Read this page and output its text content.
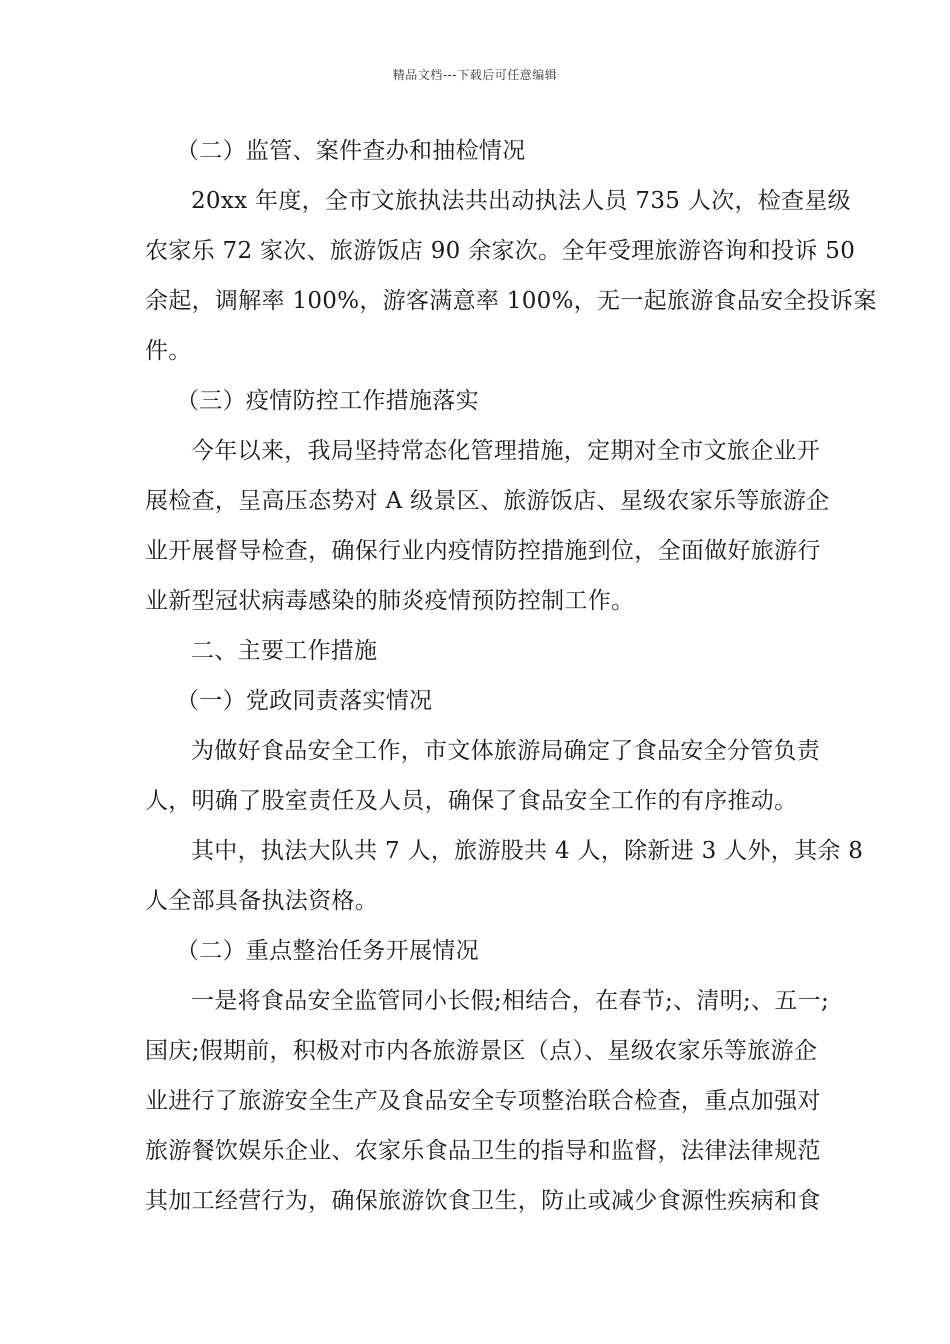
精品文档---下载后可任意编辑
（二）监管、案件查办和抽检情况
20xx 年度，全市文旅执法共出动执法人员 735 人次，检查星级
农家乐 72 家次、旅游饭店 90 余家次。全年受理旅游咨询和投诉 50
余起，调解率 100%，游客满意率 100%，无一起旅游食品安全投诉案
件。
（三）疫情防控工作措施落实
今年以来，我局坚持常态化管理措施，定期对全市文旅企业开
展检查，呈高压态势对 A 级景区、旅游饭店、星级农家乐等旅游企
业开展督导检查，确保行业内疫情防控措施到位，全面做好旅游行
业新型冠状病毒感染的肺炎疫情预防控制工作。
二、主要工作措施
（一）党政同责落实情况
为做好食品安全工作，市文体旅游局确定了食品安全分管负责
人，明确了股室责任及人员，确保了食品安全工作的有序推动。
其中，执法大队共 7 人，旅游股共 4 人，除新进 3 人外，其余 8
人全部具备执法资格。
（二）重点整治任务开展情况
一是将食品安全监管同小长假;相结合，在春节;、清明;、五一;
国庆;假期前，积极对市内各旅游景区（点）、星级农家乐等旅游企
业进行了旅游安全生产及食品安全专项整治联合检查，重点加强对
旅游餐饮娱乐企业、农家乐食品卫生的指导和监督，法律法律规范
其加工经营行为，确保旅游饮食卫生，防止或减少食源性疾病和食
